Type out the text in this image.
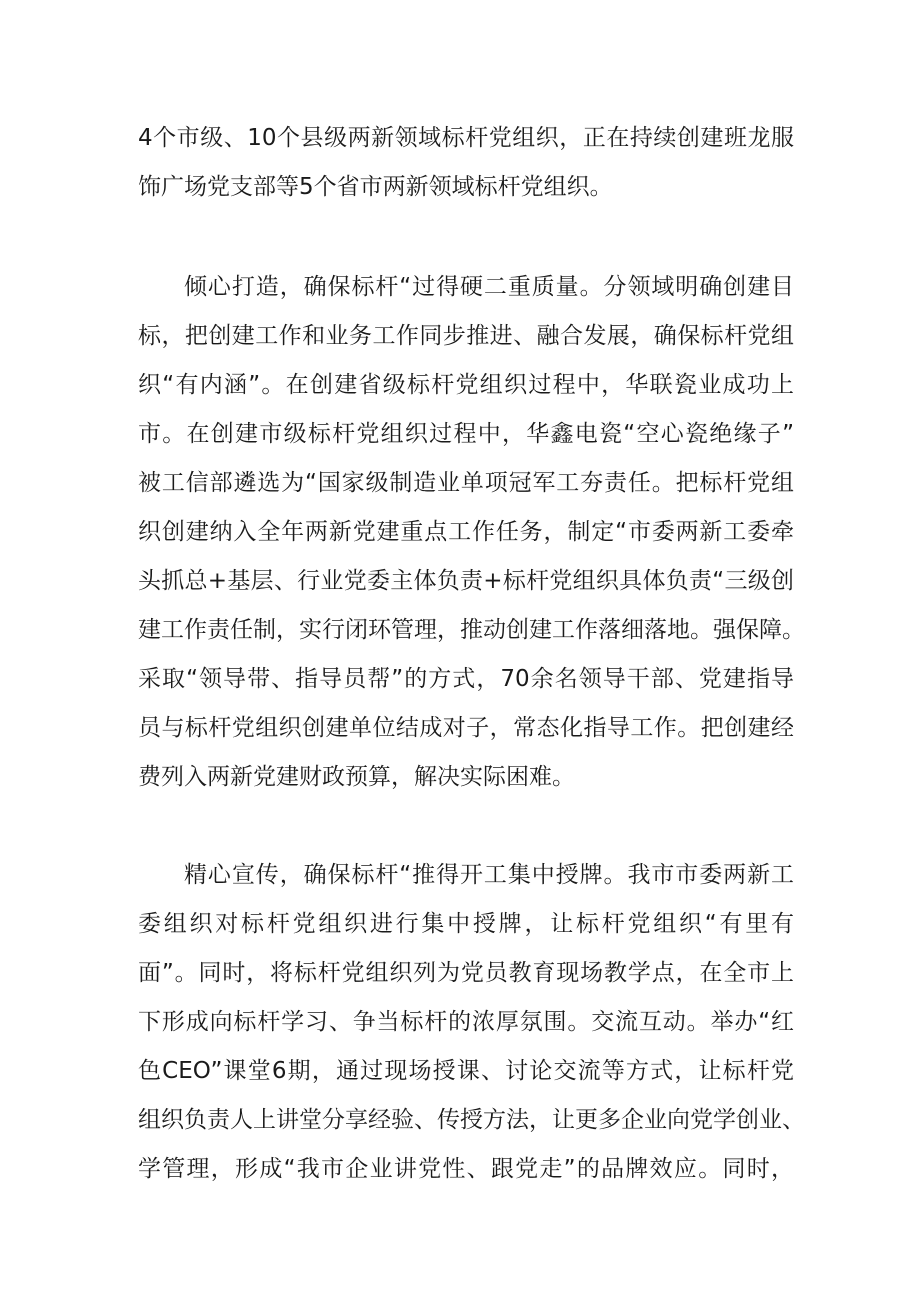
4个市级、10个县级两新领域标杆党组织，正在持续创建班龙服
饰广场党支部等5个省市两新领域标杆党组织。
倾心打造，确保标杆“过得硬二重质量。分领域明确创建目
标，把创建工作和业务工作同步推进、融合发展，确保标杆党组
织“有内涵”。在创建省级标杆党组织过程中，华联瓷业成功上
市。在创建市级标杆党组织过程中，华鑫电瓷“空心瓷绝缘子”
被工信部遴选为“国家级制造业单项冠军工夯责任。把标杆党组
织创建纳入全年两新党建重点工作任务，制定“市委两新工委牵
头抓总+基层、行业党委主体负责+标杆党组织具体负责“三级创
建工作责任制，实行闭环管理，推动创建工作落细落地。强保障。
采取“领导带、指导员帮”的方式，70余名领导干部、党建指导
员与标杆党组织创建单位结成对子，常态化指导工作。把创建经
费列入两新党建财政预算，解决实际困难。
精心宣传，确保标杆“推得开工集中授牌。我市市委两新工
委组织对标杆党组织进行集中授牌，让标杆党组织“有里有
面”。同时，将标杆党组织列为党员教育现场教学点，在全市上
下形成向标杆学习、争当标杆的浓厚氛围。交流互动。举办“红
色CEO”课堂6期，通过现场授课、讨论交流等方式，让标杆党
组织负责人上讲堂分享经验、传授方法，让更多企业向党学创业、
学管理，形成“我市企业讲党性、跟党走”的品牌效应。同时，
